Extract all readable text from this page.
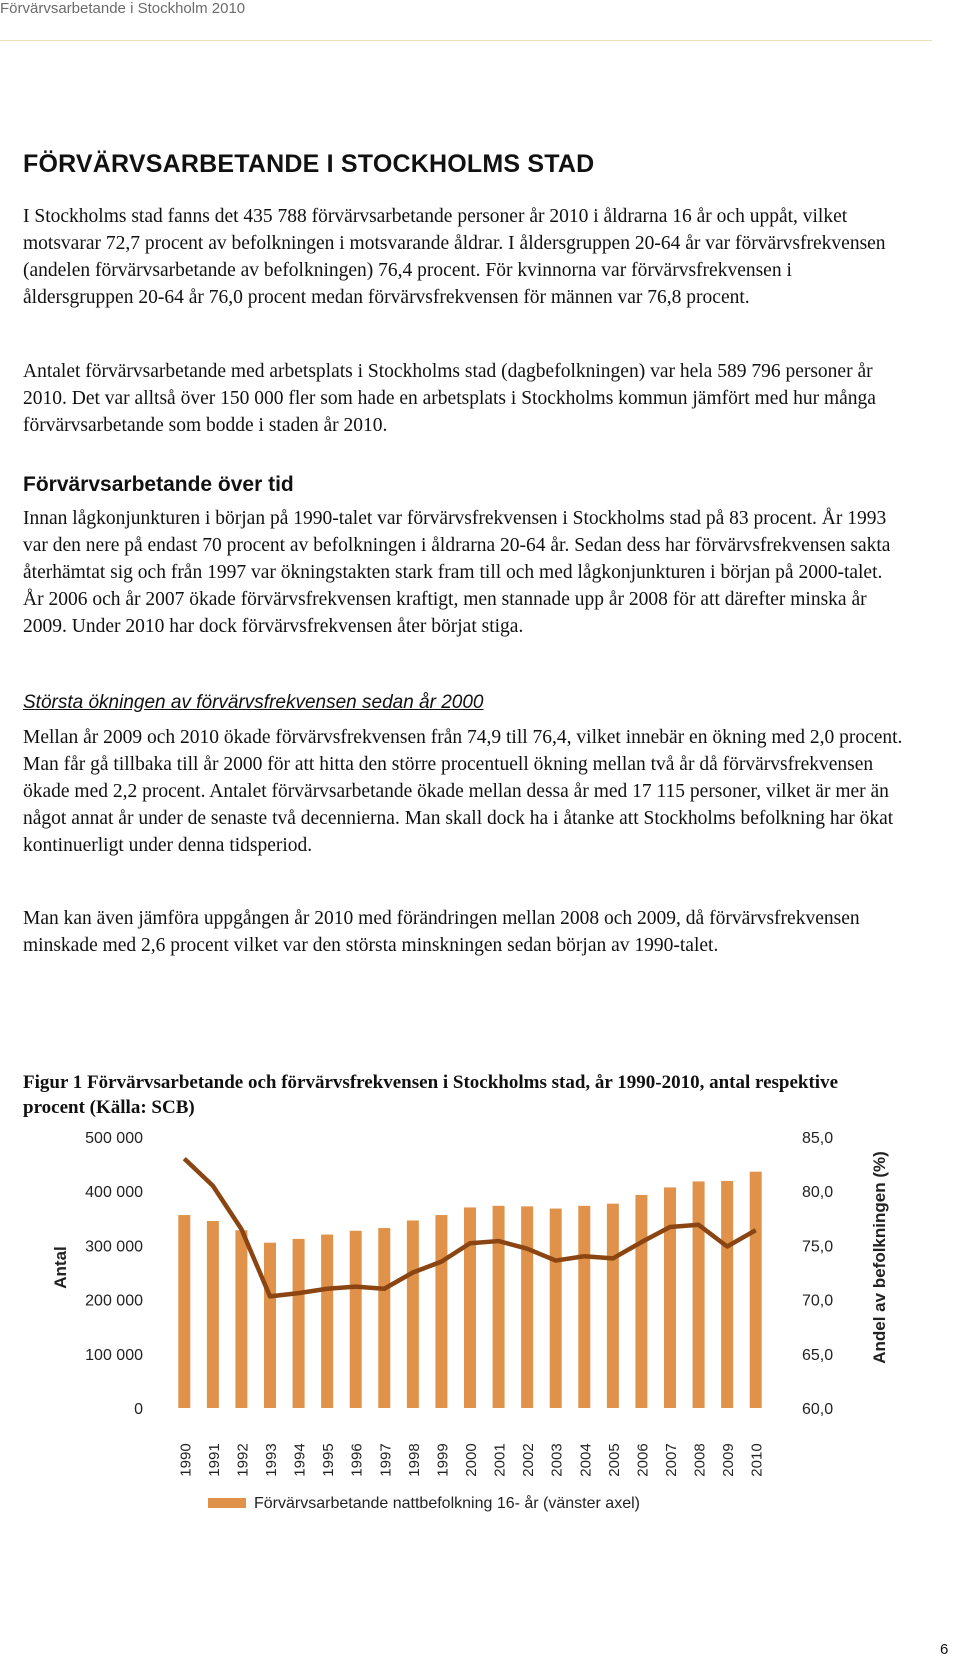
Förvärvsarbetande i Stockholm 2010
FÖRVÄRVSARBETANDE I STOCKHOLMS STAD

I Stockholms stad fanns det 435 788 förvärvsarbetande personer år 2010 i åldrarna 16 år och uppåt, vilket motsvarar 72,7 procent av befolkningen i motsvarande åldrar. I åldersgruppen 20-64 år var förvärvsfrekvensen (andelen förvärvsarbetande av befolkningen) 76,4 procent. För kvinnorna var förvärvsfrekvensen i åldersgruppen 20-64 år 76,0 procent medan förvärvsfrekvensen för männen var 76,8 procent.

Antalet förvärvsarbetande med arbetsplats i Stockholms stad (dagbefolkningen) var hela 589 796 personer år 2010. Det var alltså över 150 000 fler som hade en arbetsplats i Stockholms kommun jämfört med hur många förvärvsarbetande som bodde i staden år 2010.

Förvärvsarbetande över tid

Innan lågkonjunkturen i början på 1990-talet var förvärvsfrekvensen i Stockholms stad på 83 procent. År 1993 var den nere på endast 70 procent av befolkningen i åldrarna 20-64 år. Sedan dess har förvärvsfrekvensen sakta återhämtat sig och från 1997 var ökningstakten stark fram till och med lågkonjunkturen i början på 2000-talet. År 2006 och år 2007 ökade förvärvsfrekvensen kraftigt, men stannade upp år 2008 för att därefter minska år 2009. Under 2010 har dock förvärvsfrekvensen åter börjat stiga.

Största ökningen av förvärvsfrekvensen sedan år 2000

Mellan år 2009 och 2010 ökade förvärvsfrekvensen från 74,9 till 76,4, vilket innebär en ökning med 2,0 procent. Man får gå tillbaka till år 2000 för att hitta den större procentuell ökning mellan två år då förvärvsfrekvensen ökade med 2,2 procent. Antalet förvärvsarbetande ökade mellan dessa år med 17 115 personer, vilket är mer än något annat år under de senaste två decennierna. Man skall dock ha i åtanke att Stockholms befolkning har ökat kontinuerligt under denna tidsperiod.

Man kan även jämföra uppgången år 2010 med förändringen mellan 2008 och 2009, då förvärvsfrekvensen minskade med 2,6 procent vilket var den största minskningen sedan början av 1990-talet.

Figur 1 Förvärvsarbetande och förvärvsfrekvensen i Stockholms stad, år 1990-2010, antal respektive procent (Källa: SCB)
0
100 000
200 000
300 000
400 000
500 000
60,0
65,0
70,0
75,0
80,0
85,0
Antal	Andel av befolkningen (%)
1990 1991 1992 1993 1994 1995 1996 1997 1998 1999 2000 2001 2002 2003 2004 2005 2006 2007 2008 2009 2010
Förvärvsarbetande nattbefolkning 16- år (vänster axel)
6
